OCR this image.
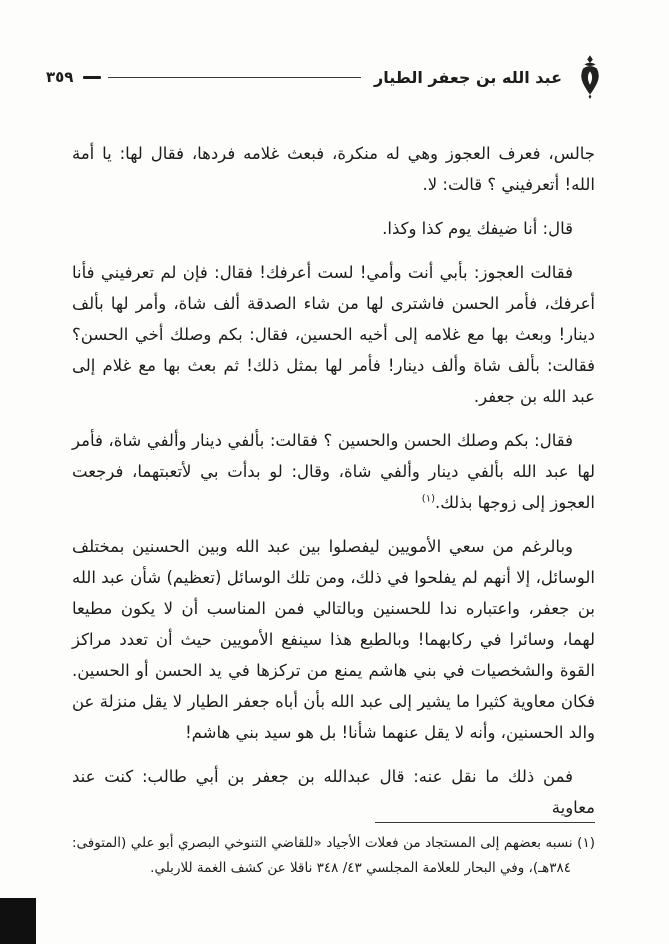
٣٥٩	عبد الله بن جعفر الطيار

جالس، فعرف العجوز وهي له منكرة، فبعث غلامه فردها، فقال لها: يا أمة الله! أتعرفيني ؟ قالت: لا.

قال: أنا ضيفك يوم كذا وكذا.

فقالت العجوز: بأبي أنت وأمي! لست أعرفك! فقال: فإن لم تعرفيني فأنا أعرفك، فأمر الحسن فاشترى لها من شاء الصدقة ألف شاة، وأمر لها بألف دينار! وبعث بها مع غلامه إلى أخيه الحسين، فقال: بكم وصلك أخي الحسن؟ فقالت: بألف شاة وألف دينار! فأمر لها بمثل ذلك! ثم بعث بها مع غلام إلى عبد الله بن جعفر.

فقال: بكم وصلك الحسن والحسين ؟ فقالت: بألفي دينار وألفي شاة، فأمر لها عبد الله بألفي دينار وألفي شاة، وقال: لو بدأت بي لأتعبتهما، فرجعت العجوز إلى زوجها بذلك.$^{(١)}$

وبالرغم من سعي الأمويين ليفصلوا بين عبد الله وبين الحسنين بمختلف الوسائل، إلا أنهم لم يفلحوا في ذلك، ومن تلك الوسائل (تعظيم) شأن عبد الله بن جعفر، واعتباره ندا للحسنين وبالتالي فمن المناسب أن لا يكون مطيعا لهما، وسائرا في ركابهما! وبالطبع هذا سينفع الأمويين حيث أن تعدد مراكز القوة والشخصيات في بني هاشم يمنع من تركزها في يد الحسن أو الحسين. فكان معاوية كثيرا ما يشير إلى عبد الله بأن أباه جعفر الطيار لا يقل منزلة عن والد الحسنين، وأنه لا يقل عنهما شأنا! بل هو سيد بني هاشم!

فمن ذلك ما نقل عنه: قال عبدالله بن جعفر بن أبي طالب: كنت عند معاوية

(١) نسبه بعضهم إلى المستجاد من فعلات الأجياد «للقاضي التنوخي البصري أبو علي (المتوفى: ٣٨٤هـ)، وفي البحار للعلامة المجلسي ٤٣/ ٣٤٨ ناقلا عن كشف الغمة للاربلي.
